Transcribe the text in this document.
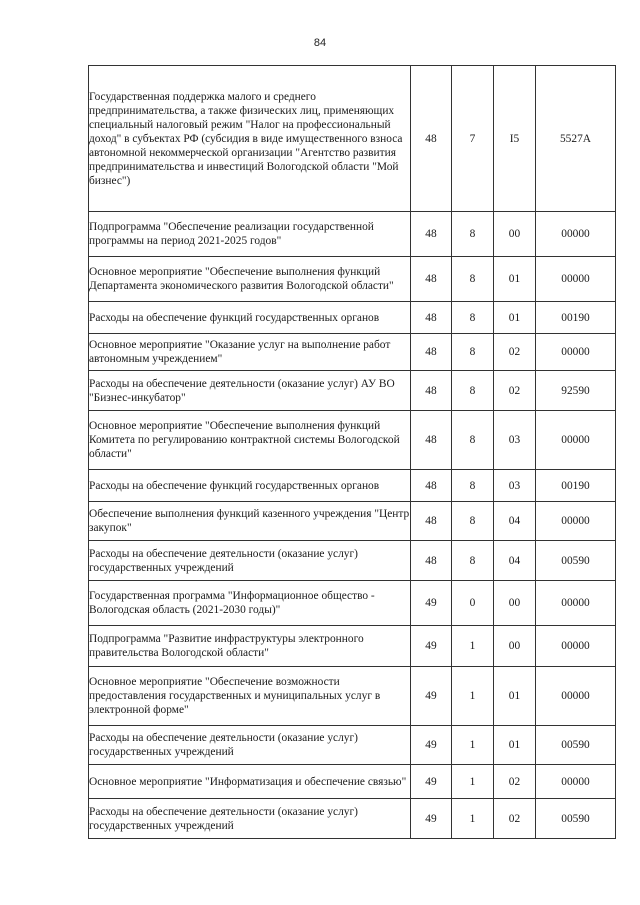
84
Государственная поддержка малого и среднего предпринимательства, а также физических лиц, применяющих специальный налоговый режим "Налог на профессиональный доход" в субъектах РФ (субсидия в виде имущественного взноса автономной некоммерческой организации "Агентство развития предпринимательства и инвестиций Вологодской области "Мой бизнес")	48	7	I5	5527A
Подпрограмма "Обеспечение реализации государственной программы на период 2021-2025 годов"	48	8	00	00000
Основное мероприятие "Обеспечение выполнения функций Департамента экономического развития Вологодской области"	48	8	01	00000
Расходы на обеспечение функций государственных органов	48	8	01	00190
Основное мероприятие "Оказание услуг на выполнение работ автономным учреждением"	48	8	02	00000
Расходы на обеспечение деятельности (оказание услуг) АУ ВО "Бизнес-инкубатор"	48	8	02	92590
Основное мероприятие "Обеспечение выполнения функций Комитета по регулированию контрактной системы Вологодской области"	48	8	03	00000
Расходы на обеспечение функций государственных органов	48	8	03	00190
Обеспечение выполнения функций казенного учреждения "Центр закупок"	48	8	04	00000
Расходы на обеспечение деятельности (оказание услуг) государственных учреждений	48	8	04	00590
Государственная программа "Информационное общество - Вологодская область (2021-2030 годы)"	49	0	00	00000
Подпрограмма "Развитие инфраструктуры электронного правительства Вологодской области"	49	1	00	00000
Основное мероприятие "Обеспечение возможности предоставления государственных и муниципальных услуг в электронной форме"	49	1	01	00000
Расходы на обеспечение деятельности (оказание услуг) государственных учреждений	49	1	01	00590
Основное мероприятие "Информатизация и обеспечение связью"	49	1	02	00000
Расходы на обеспечение деятельности (оказание услуг) государственных учреждений	49	1	02	00590
